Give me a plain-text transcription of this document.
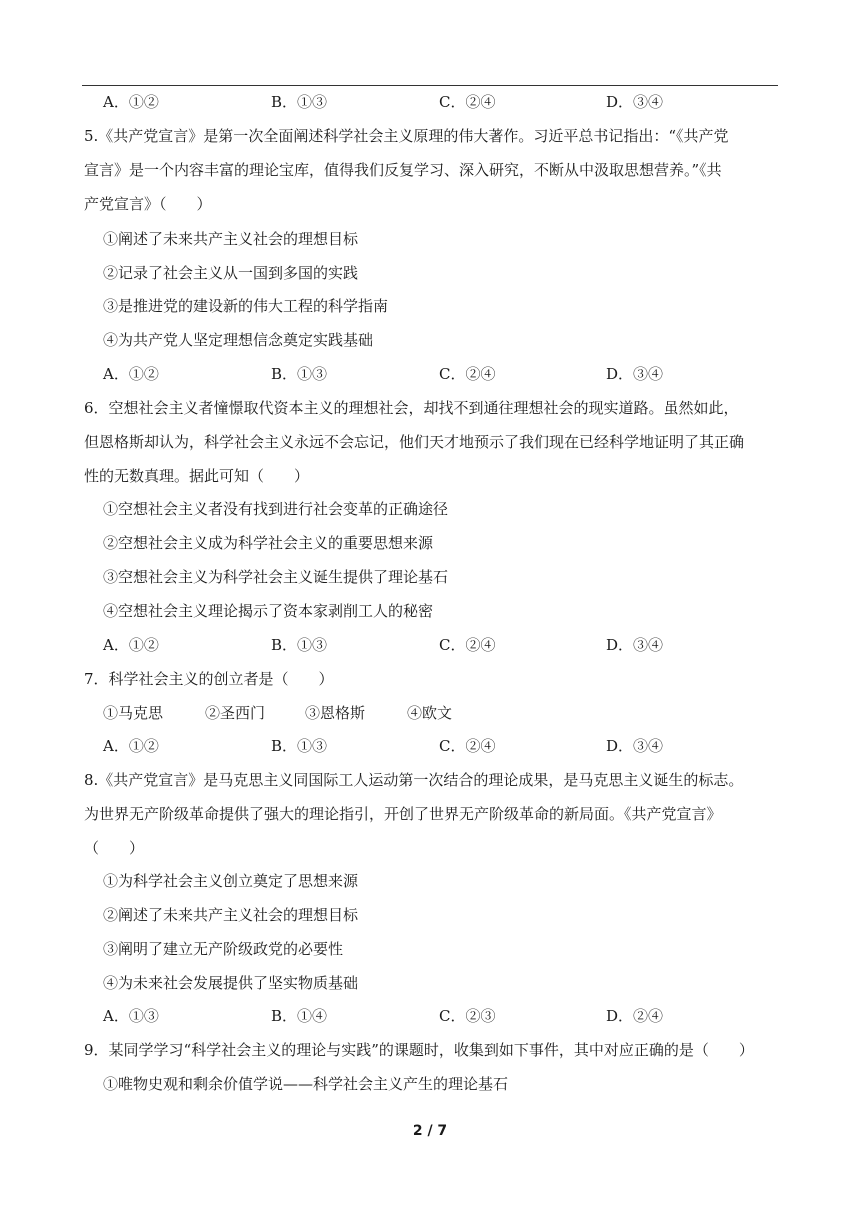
A．①②	B．①③	C．②④	D．③④
5.《共产党宣言》是第一次全面阐述科学社会主义原理的伟大著作。习近平总书记指出：“《共产党
宣言》是一个内容丰富的理论宝库，值得我们反复学习、深入研究，不断从中汲取思想营养。”《共
产党宣言》（　　）
①阐述了未来共产主义社会的理想目标
②记录了社会主义从一国到多国的实践
③是推进党的建设新的伟大工程的科学指南
④为共产党人坚定理想信念奠定实践基础
A．①②	B．①③	C．②④	D．③④
6．空想社会主义者憧憬取代资本主义的理想社会，却找不到通往理想社会的现实道路。虽然如此，
但恩格斯却认为，科学社会主义永远不会忘记，他们天才地预示了我们现在已经科学地证明了其正确
性的无数真理。据此可知（　　）
①空想社会主义者没有找到进行社会变革的正确途径
②空想社会主义成为科学社会主义的重要思想来源
③空想社会主义为科学社会主义诞生提供了理论基石
④空想社会主义理论揭示了资本家剥削工人的秘密
A．①②	B．①③	C．②④	D．③④
7．科学社会主义的创立者是（　　）
①马克思	②圣西门	③恩格斯	④欧文
A．①②	B．①③	C．②④	D．③④
8.《共产党宣言》是马克思主义同国际工人运动第一次结合的理论成果，是马克思主义诞生的标志。
为世界无产阶级革命提供了强大的理论指引，开创了世界无产阶级革命的新局面。《共产党宣言》
（　　）
①为科学社会主义创立奠定了思想来源
②阐述了未来共产主义社会的理想目标
③阐明了建立无产阶级政党的必要性
④为未来社会发展提供了坚实物质基础
A．①③	B．①④	C．②③	D．②④
9．某同学学习“科学社会主义的理论与实践”的课题时，收集到如下事件，其中对应正确的是（　　）
①唯物史观和剩余价值学说——科学社会主义产生的理论基石
2 / 7
